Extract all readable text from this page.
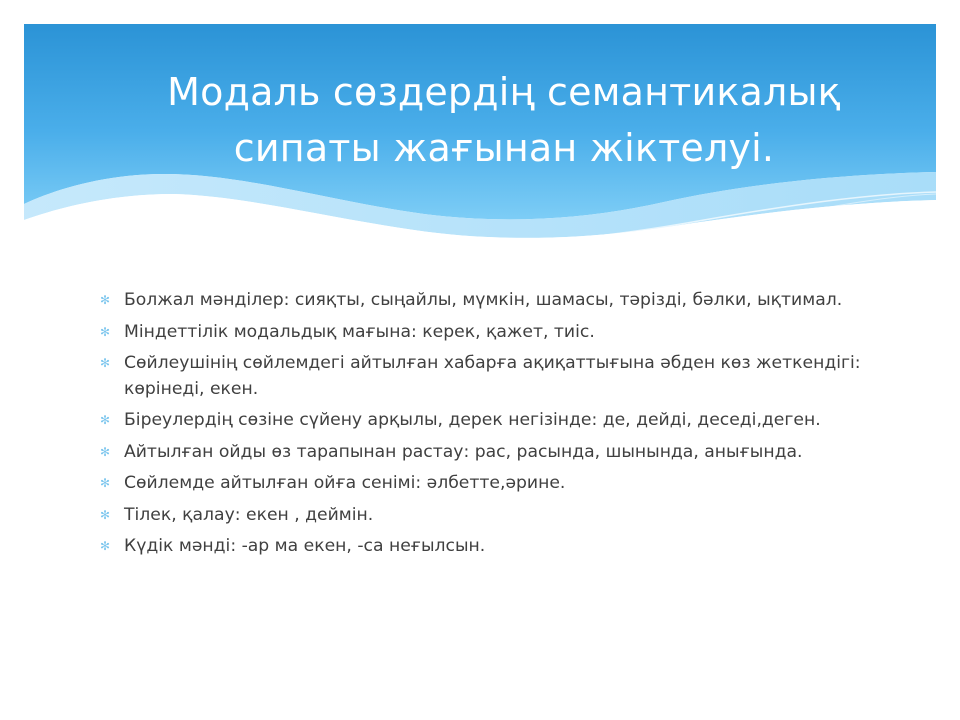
Модаль сөздердің семантикалық
сипаты жағынан жіктелуі.
✻ Болжал мәнділер: сияқты, сыңайлы, мүмкін, шамасы, тәрізді, бәлки, ықтимал.
✻ Міндеттілік модальдық мағына: керек, қажет, тиіс.
✻ Сөйлеушінің сөйлемдегі айтылған хабарға ақиқаттығына әбден көз жеткендігі: көрінеді, екен.
✻ Біреулердің сөзіне сүйену арқылы, дерек негізінде: де, дейді, деседі,деген.
✻ Айтылған ойды өз тарапынан растау: рас, расында, шынында, анығында.
✻ Сөйлемде айтылған ойға сенімі: әлбетте,әрине.
✻ Тілек, қалау: екен , деймін.
✻ Күдік мәнді: -ар ма екен, -са неғылсын.
